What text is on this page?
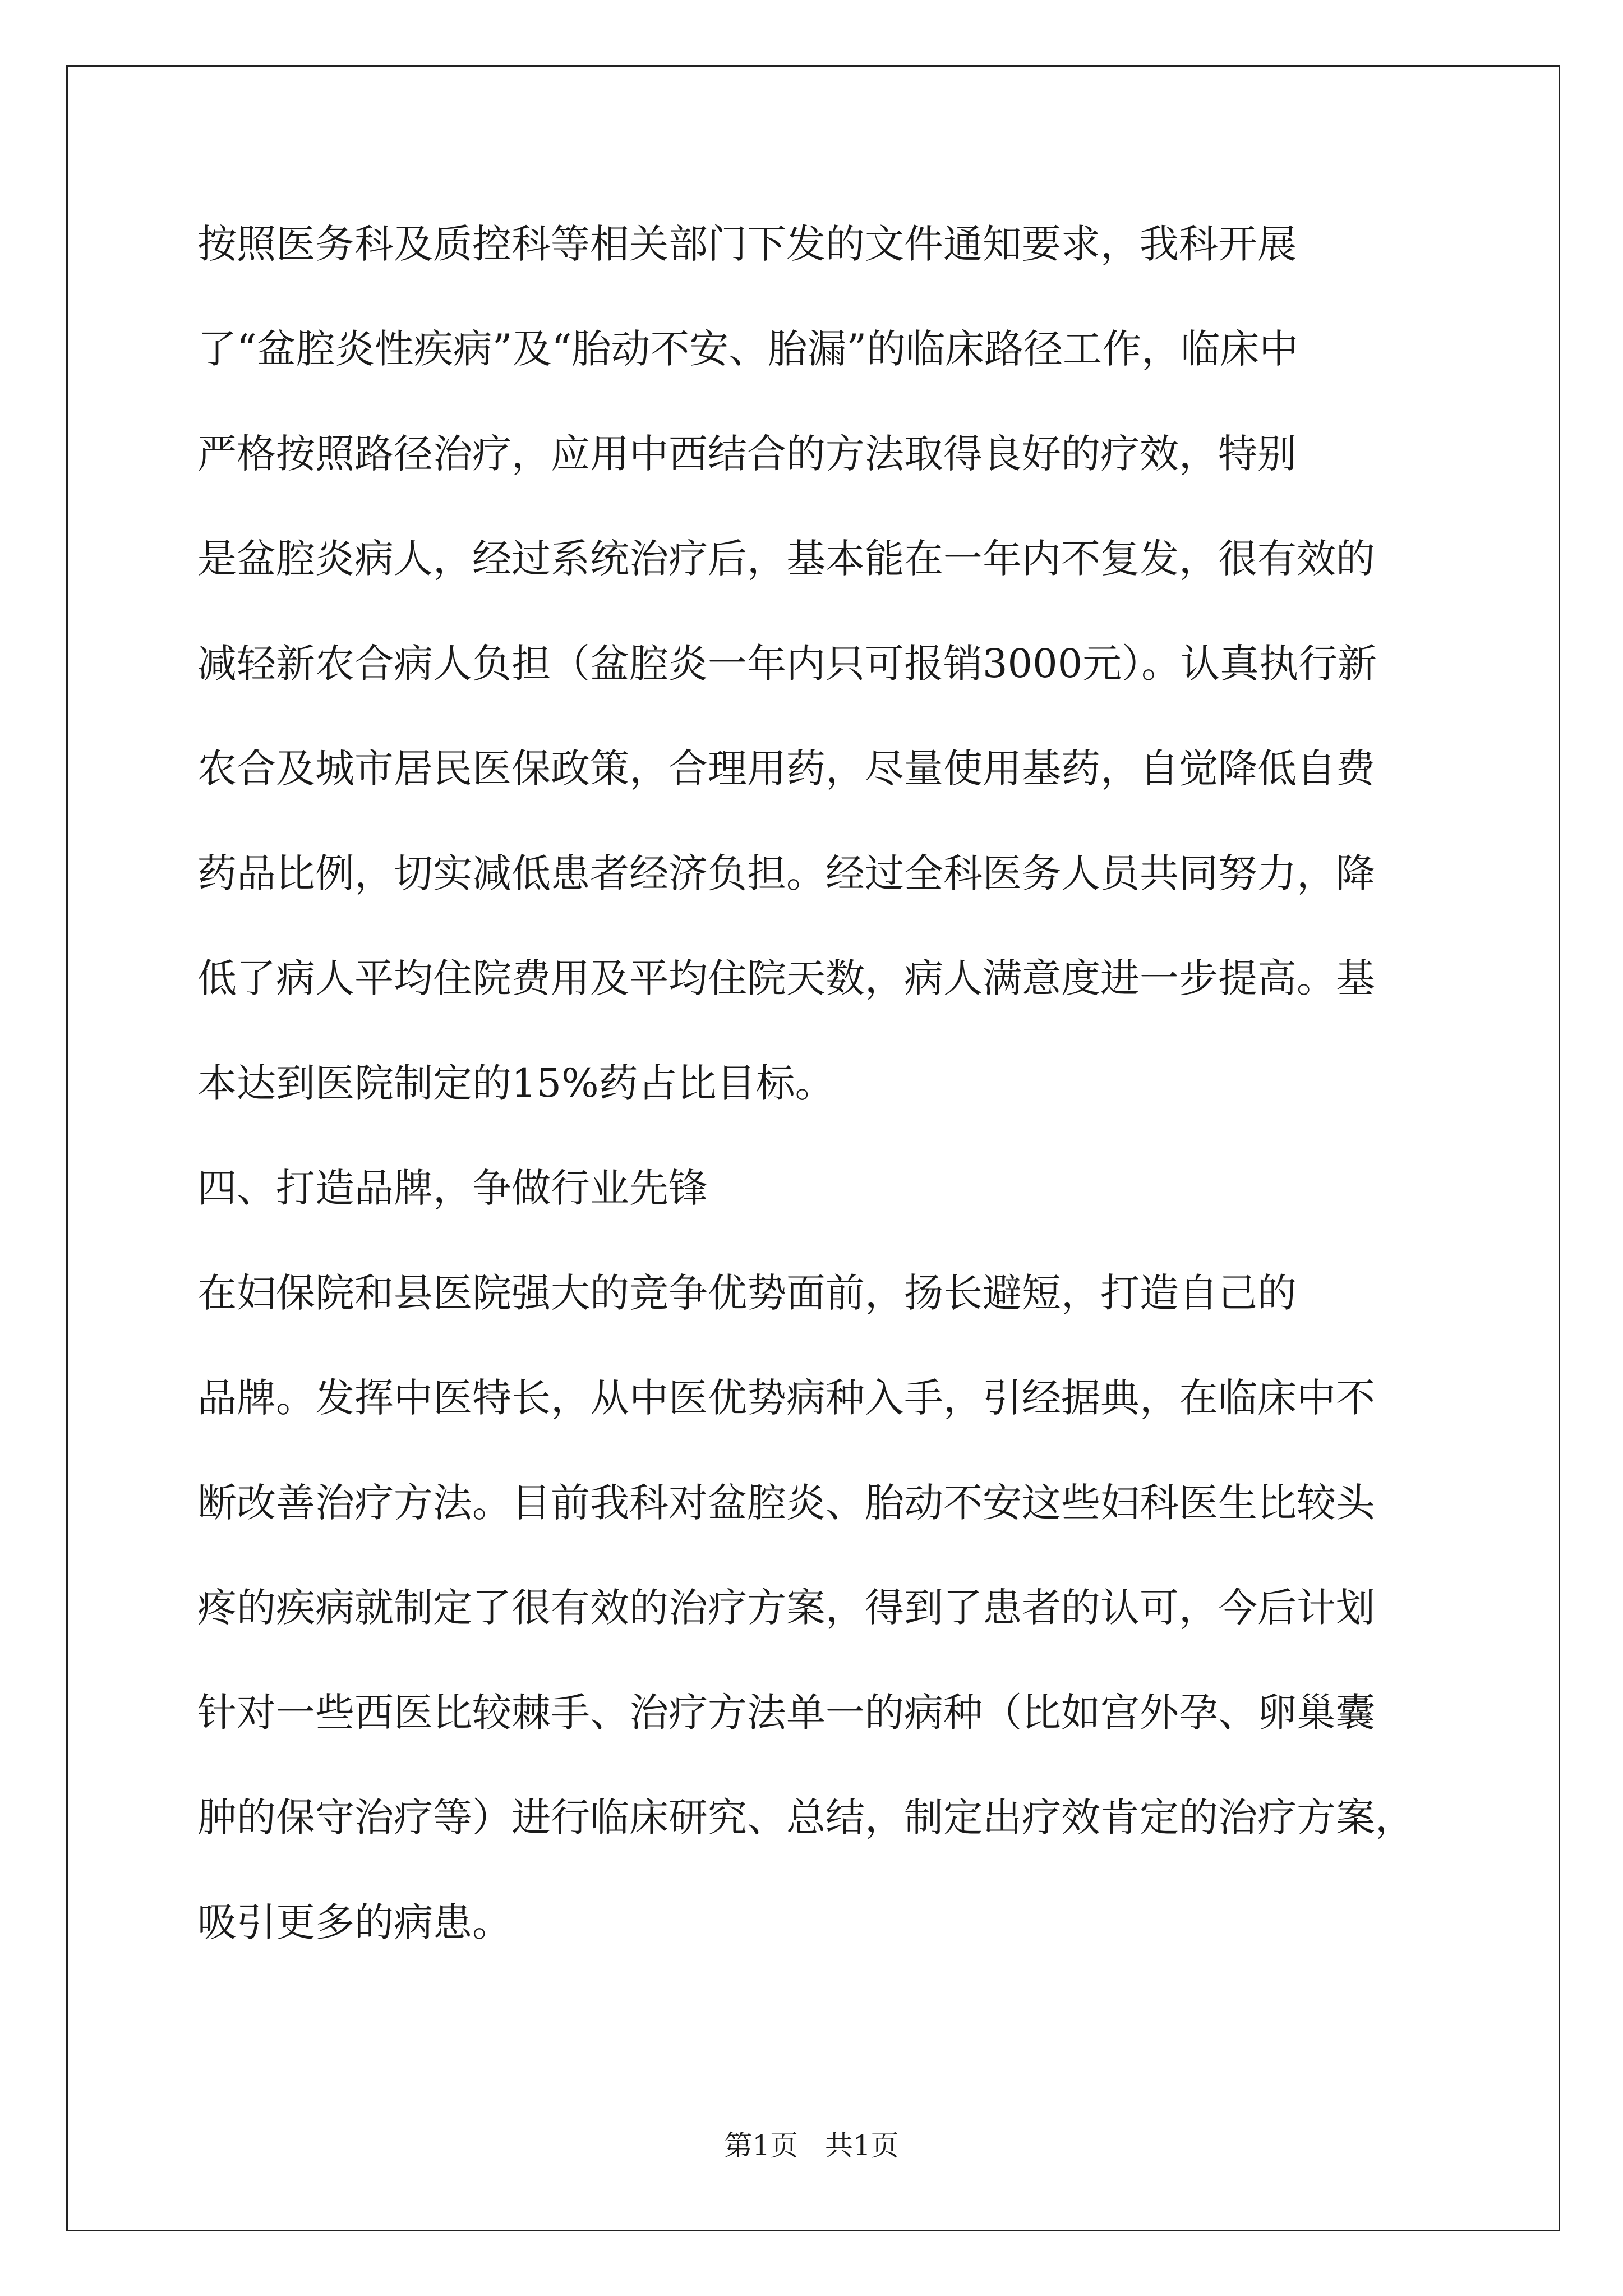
按照医务科及质控科等相关部门下发的文件通知要求，我科开展
了“盆腔炎性疾病”及“胎动不安、胎漏”的临床路径工作，临床中
严格按照路径治疗，应用中西结合的方法取得良好的疗效，特别
是盆腔炎病人，经过系统治疗后，基本能在一年内不复发，很有效的
减轻新农合病人负担（盆腔炎一年内只可报销3000元）。认真执行新
农合及城市居民医保政策，合理用药，尽量使用基药，自觉降低自费
药品比例，切实减低患者经济负担。经过全科医务人员共同努力，降
低了病人平均住院费用及平均住院天数，病人满意度进一步提高。基
本达到医院制定的15%药占比目标。
四、打造品牌，争做行业先锋
在妇保院和县医院强大的竞争优势面前，扬长避短，打造自己的
品牌。发挥中医特长，从中医优势病种入手，引经据典，在临床中不
断改善治疗方法。目前我科对盆腔炎、胎动不安这些妇科医生比较头
疼的疾病就制定了很有效的治疗方案，得到了患者的认可，今后计划
针对一些西医比较棘手、治疗方法单一的病种（比如宫外孕、卵巢囊
肿的保守治疗等）进行临床研究、总结，制定出疗效肯定的治疗方案，
吸引更多的病患。
第1页   共1页
